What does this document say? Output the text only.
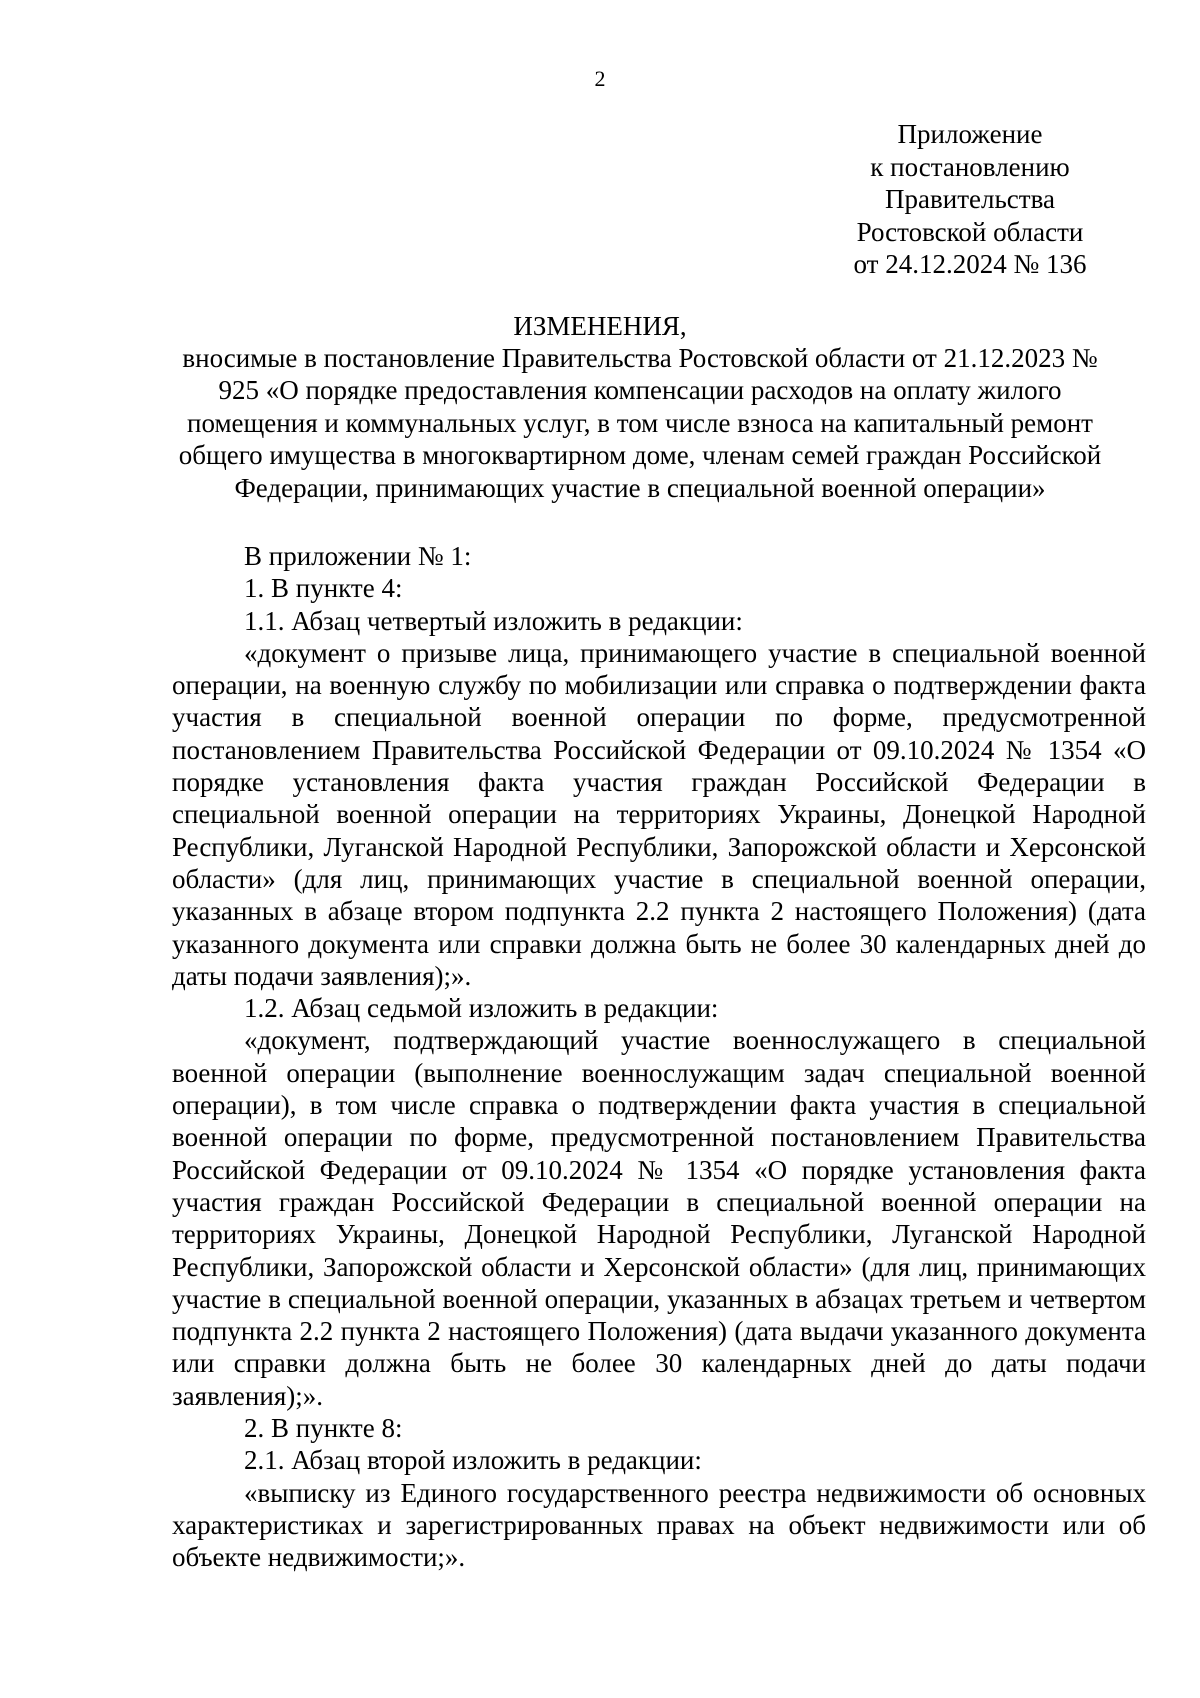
2
Приложение
к постановлению
Правительства
Ростовской области
от 24.12.2024 № 136
ИЗМЕНЕНИЯ,
вносимые в постановление Правительства Ростовской области от 21.12.2023 № 925 «О порядке предоставления компенсации расходов на оплату жилого помещения и коммунальных услуг, в том числе взноса на капитальный ремонт общего имущества в многоквартирном доме, членам семей граждан Российской Федерации, принимающих участие в специальной военной операции»

В приложении № 1:

1. В пункте 4:

1.1. Абзац четвертый изложить в редакции:

«документ о призыве лица, принимающего участие в специальной военной операции, на военную службу по мобилизации или справка о подтверждении факта участия в специальной военной операции по форме, предусмотренной постановлением Правительства Российской Федерации от 09.10.2024 № 1354 «О порядке установления факта участия граждан Российской Федерации в специальной военной операции на территориях Украины, Донецкой Народной Республики, Луганской Народной Республики, Запорожской области и Херсонской области» (для лиц, принимающих участие в специальной военной операции, указанных в абзаце втором подпункта 2.2 пункта 2 настоящего Положения) (дата указанного документа или справки должна быть не более 30 календарных дней до даты подачи заявления);».

1.2. Абзац седьмой изложить в редакции:

«документ, подтверждающий участие военнослужащего в специальной военной операции (выполнение военнослужащим задач специальной военной операции), в том числе справка о подтверждении факта участия в специальной военной операции по форме, предусмотренной постановлением Правительства Российской Федерации от 09.10.2024 № 1354 «О порядке установления факта участия граждан Российской Федерации в специальной военной операции на территориях Украины, Донецкой Народной Республики, Луганской Народной Республики, Запорожской области и Херсонской области» (для лиц, принимающих участие в специальной военной операции, указанных в абзацах третьем и четвертом подпункта 2.2 пункта 2 настоящего Положения) (дата выдачи указанного документа или справки должна быть не более 30 календарных дней до даты подачи заявления);».

2. В пункте 8:

2.1. Абзац второй изложить в редакции:

«выписку из Единого государственного реестра недвижимости об основных характеристиках и зарегистрированных правах на объект недвижимости или об объекте недвижимости;».
